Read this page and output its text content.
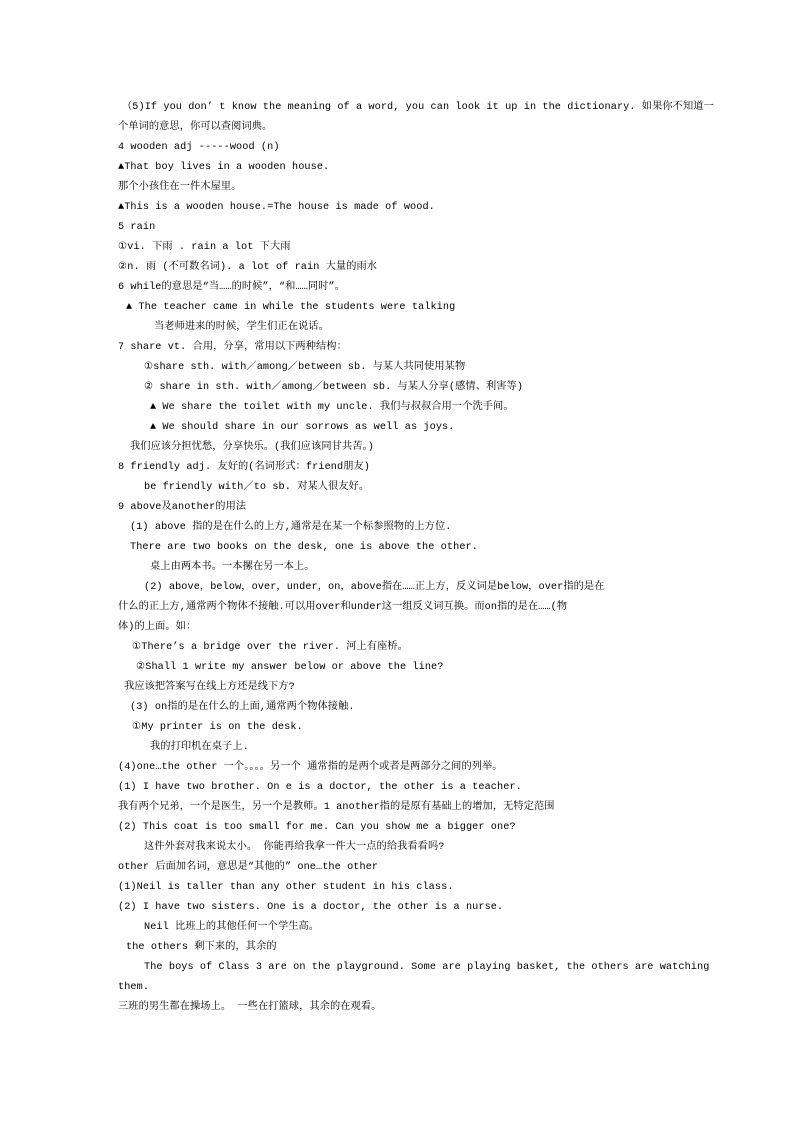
（5)If you don’ t know the meaning of a word, you can look it up in the dictionary. 如果你不知道一
个单词的意思，你可以查阅词典。
4 wooden adj -----wood (n)
▲That boy lives in a wooden house.
那个小孩住在一件木屋里。
▲This is a wooden house.=The house is made of wood.
5 rain
①vi. 下雨 . rain a lot 下大雨
②n. 雨 (不可数名词). a lot of rain 大量的雨水
6 while的意思是“当……的时候”，“和……同时”。
▲ The teacher came in while the students were talking
当老师进来的时候，学生们正在说话。
7 share vt. 合用，分享，常用以下两种结构：
①share sth. with／among／between sb. 与某人共同使用某物
② share in sth. with／among／between sb. 与某人分享(感情、利害等)
▲ We share the toilet with my uncle. 我们与叔叔合用一个洗手间。
▲ We should share in our sorrows as well as joys.
我们应该分担忧愁，分享快乐。(我们应该同甘共苦。)
8 friendly adj. 友好的(名词形式：friend朋友)
be friendly with／to sb. 对某人很友好。
9 above及another的用法
(1) above 指的是在什么的上方,通常是在某一个标参照物的上方位.
There are two books on the desk, one is above the other.
桌上由两本书。一本摞在另一本上。
(2) above，below，over，under，on，above指在……正上方，反义词是below，over指的是在
什么的正上方,通常两个物体不接触.可以用over和under这一组反义词互换。而on指的是在……(物
体)的上面。如：
①There’s a bridge over the river. 河上有座桥。
②Shall 1 write my answer below or above the line?
我应该把答案写在线上方还是线下方?
(3) on指的是在什么的上面,通常两个物体接触.
①My printer is on the desk.
我的打印机在桌子上.
(4)one…the other 一个。。。。另一个 通常指的是两个或者是两部分之间的列举。
(1) I have two brother. On e is a doctor, the other is a teacher.
我有两个兄弟，一个是医生，另一个是教师。1 another指的是原有基础上的增加，无特定范围
(2) This coat is too small for me. Can you show me a bigger one?
这件外套对我来说太小。 你能再给我拿一件大一点的给我看看吗?
other 后面加名词，意思是“其他的” one…the other
(1)Neil is taller than any other student in his class.
(2) I have two sisters. One is a doctor, the other is a nurse.
Neil 比班上的其他任何一个学生高。
the others 剩下来的，其余的
The boys of Class 3 are on the playground. Some are playing basket, the others are watching
them.
三班的男生都在操场上。 一些在打篮球，其余的在观看。
